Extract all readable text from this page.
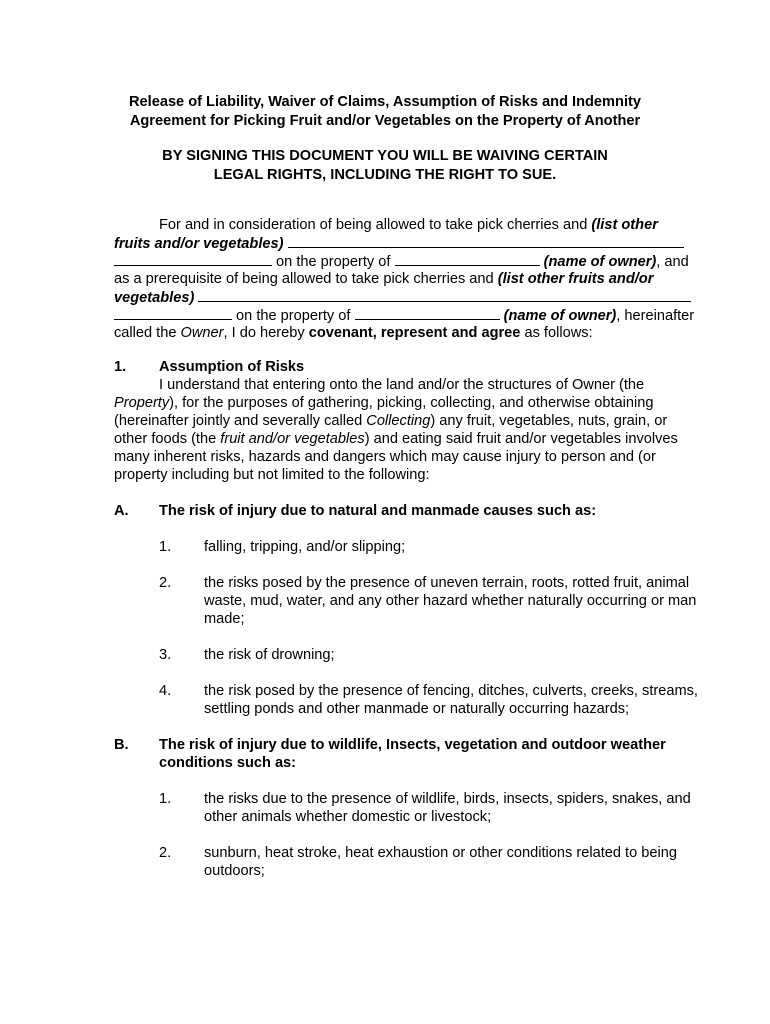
Release of Liability, Waiver of Claims, Assumption of Risks and Indemnity
Agreement for Picking Fruit and/or Vegetables on the Property of Another
BY SIGNING THIS DOCUMENT YOU WILL BE WAIVING CERTAIN
LEGAL RIGHTS, INCLUDING THE RIGHT TO SUE.
For and in consideration of being allowed to take pick cherries and (list other
fruits and/or vegetables)
on the property of	(name of owner), and
as a prerequisite of being allowed to take pick cherries and (list other fruits and/or
vegetables)
on the property of	(name of owner), hereinafter
called the Owner, I do hereby covenant, represent and agree as follows:
1. Assumption of Risks
I understand that entering onto the land and/or the structures of Owner (the
Property), for the purposes of gathering, picking, collecting, and otherwise obtaining
(hereinafter jointly and severally called Collecting) any fruit, vegetables, nuts, grain, or
other foods (the fruit and/or vegetables) and eating said fruit and/or vegetables involves
many inherent risks, hazards and dangers which may cause injury to person and (or
property including but not limited to the following:
A.	The risk of injury due to natural and manmade causes such as:
1.	falling, tripping, and/or slipping;
2.	the risks posed by the presence of uneven terrain, roots, rotted fruit, animal waste, mud, water, and any other hazard whether naturally occurring or man made;
3.	the risk of drowning;
4.	the risk posed by the presence of fencing, ditches, culverts, creeks, streams, settling ponds and other manmade or naturally occurring hazards;
B.	The risk of injury due to wildlife, Insects, vegetation and outdoor weather conditions such as:
1.	the risks due to the presence of wildlife, birds, insects, spiders, snakes, and other animals whether domestic or livestock;
2.	sunburn, heat stroke, heat exhaustion or other conditions related to being outdoors;
